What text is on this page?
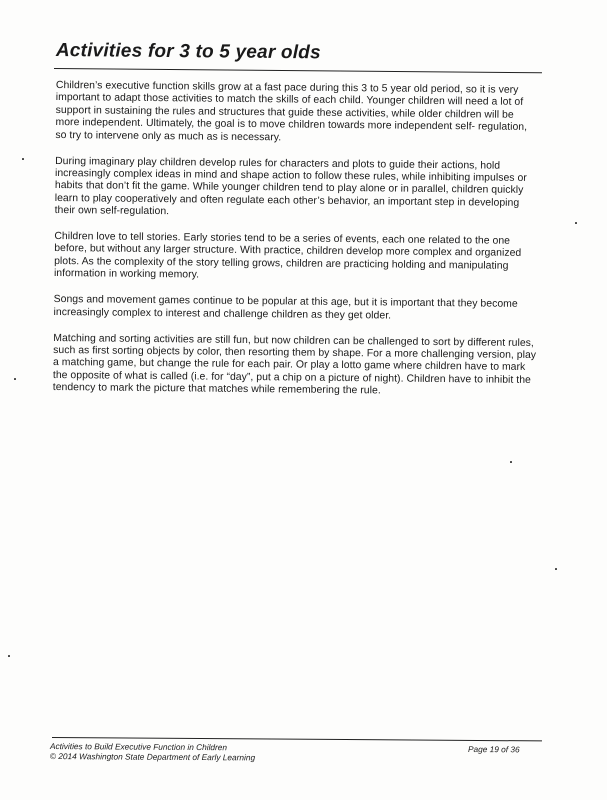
Activities for 3 to 5 year olds

Children’s executive function skills grow at a fast pace during this 3 to 5 year old period, so it is very important to adapt those activities to match the skills of each child. Younger children will need a lot of support in sustaining the rules and structures that guide these activities, while older children will be more independent. Ultimately, the goal is to move children towards more independent self- regulation, so try to intervene only as much as is necessary.

During imaginary play children develop rules for characters and plots to guide their actions, hold increasingly complex ideas in mind and shape action to follow these rules, while inhibiting impulses or habits that don’t fit the game. While younger children tend to play alone or in parallel, children quickly learn to play cooperatively and often regulate each other’s behavior, an important step in developing their own self-regulation.

Children love to tell stories. Early stories tend to be a series of events, each one related to the one before, but without any larger structure. With practice, children develop more complex and organized plots. As the complexity of the story telling grows, children are practicing holding and manipulating information in working memory.

Songs and movement games continue to be popular at this age, but it is important that they become increasingly complex to interest and challenge children as they get older.

Matching and sorting activities are still fun, but now children can be challenged to sort by different rules, such as first sorting objects by color, then resorting them by shape. For a more challenging version, play a matching game, but change the rule for each pair. Or play a lotto game where children have to mark the opposite of what is called (i.e. for “day”, put a chip on a picture of night). Children have to inhibit the tendency to mark the picture that matches while remembering the rule.

Activities to Build Executive Function in Children
© 2014 Washington State Department of Early Learning
Page 19 of 36
